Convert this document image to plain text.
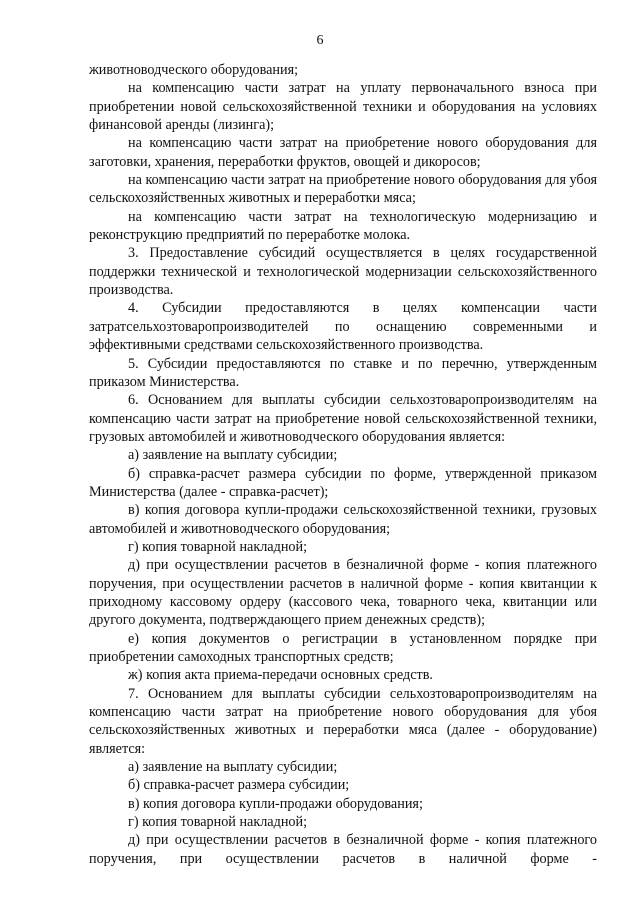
6

животноводческого оборудования;

на компенсацию части затрат на уплату первоначального взноса при приобретении новой сельскохозяйственной техники и оборудования на условиях финансовой аренды (лизинга);

на компенсацию части затрат на приобретение нового оборудования для заготовки, хранения, переработки фруктов, овощей и дикоросов;

на компенсацию части затрат на приобретение нового оборудования для убоя сельскохозяйственных животных и переработки мяса;

на компенсацию части затрат на технологическую модернизацию и реконструкцию предприятий по переработке молока.

3. Предоставление субсидий осуществляется в целях государственной поддержки технической и технологической модернизации сельскохозяйственного производства.

4. Субсидии предоставляются в целях компенсации части затратсельхозтоваропроизводителей по оснащению современными и эффективными средствами сельскохозяйственного производства.

5. Субсидии предоставляются по ставке и по перечню, утвержденным приказом Министерства.

6. Основанием для выплаты субсидии сельхозтоваропроизводителям на компенсацию части затрат на приобретение новой сельскохозяйственной техники, грузовых автомобилей и животноводческого оборудования является:

а) заявление на выплату субсидии;

б) справка-расчет размера субсидии по форме, утвержденной приказом Министерства (далее - справка-расчет);

в) копия договора купли-продажи сельскохозяйственной техники, грузовых автомобилей и животноводческого оборудования;

г) копия товарной накладной;

д) при осуществлении расчетов в безналичной форме - копия платежного поручения, при осуществлении расчетов в наличной форме - копия квитанции к приходному кассовому ордеру (кассового чека, товарного чека, квитанции или другого документа, подтверждающего прием денежных средств);

е) копия документов о регистрации в установленном порядке при приобретении самоходных транспортных средств;

ж) копия акта приема-передачи основных средств.

7. Основанием для выплаты субсидии сельхозтоваропроизводителям на компенсацию части затрат на приобретение нового оборудования для убоя сельскохозяйственных животных и переработки мяса (далее - оборудование) является:

а) заявление на выплату субсидии;

б) справка-расчет размера субсидии;

в) копия договора купли-продажи оборудования;

г) копия товарной накладной;

д) при осуществлении расчетов в безналичной форме - копия платежного поручения, при осуществлении расчетов в наличной форме -
